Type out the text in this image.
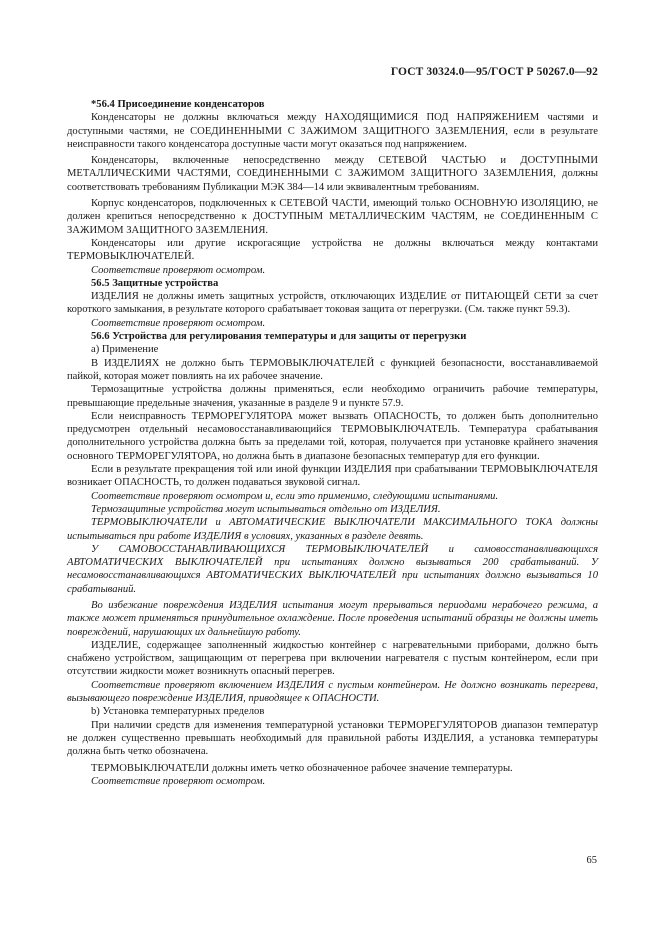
ГОСТ 30324.0—95/ГОСТ Р 50267.0—92

*56.4 Присоединение конденсаторов

Конденсаторы не должны включаться между НАХОДЯЩИМИСЯ ПОД НАПРЯЖЕНИЕМ частями и доступными частями, не СОЕДИНЕННЫМИ С ЗАЖИМОМ ЗАЩИТНОГО ЗАЗЕМЛЕНИЯ, если в результате неисправности такого конденсатора доступные части могут оказаться под напряжением.

Конденсаторы, включенные непосредственно между СЕТЕВОЙ ЧАСТЬЮ и ДОСТУПНЫМИ МЕТАЛЛИЧЕСКИМИ ЧАСТЯМИ, СОЕДИНЕННЫМИ С ЗАЖИМОМ ЗАЩИТНОГО ЗАЗЕМЛЕНИЯ, должны соответствовать требованиям Публикации МЭК 384—14 или эквивалентным требованиям.

Корпус конденсаторов, подключенных к СЕТЕВОЙ ЧАСТИ, имеющий только ОСНОВНУЮ ИЗОЛЯЦИЮ, не должен крепиться непосредственно к ДОСТУПНЫМ МЕТАЛЛИЧЕСКИМ ЧАСТЯМ, не СОЕДИНЕННЫМ С ЗАЖИМОМ ЗАЩИТНОГО ЗАЗЕМЛЕНИЯ.

Конденсаторы или другие искрогасящие устройства не должны включаться между контактами ТЕРМОВЫКЛЮЧАТЕЛЕЙ.

Соответствие проверяют осмотром.

56.5 Защитные устройства

ИЗДЕЛИЯ не должны иметь защитных устройств, отключающих ИЗДЕЛИЕ от ПИТАЮЩЕЙ СЕТИ за счет короткого замыкания, в результате которого срабатывает токовая защита от перегрузки. (См. также пункт 59.3).

Соответствие проверяют осмотром.

56.6 Устройства для регулирования температуры и для защиты от перегрузки

а) Применение

В ИЗДЕЛИЯХ не должно быть ТЕРМОВЫКЛЮЧАТЕЛЕЙ с функцией безопасности, восстанавливаемой пайкой, которая может повлиять на их рабочее значение.

Термозащитные устройства должны применяться, если необходимо ограничить рабочие температуры, превышающие предельные значения, указанные в разделе 9 и пункте 57.9.

Если неисправность ТЕРМОРЕГУЛЯТОРА может вызвать ОПАСНОСТЬ, то должен быть дополнительно предусмотрен отдельный несамовосстанавливающийся ТЕРМОВЫКЛЮЧАТЕЛЬ. Температура срабатывания дополнительного устройства должна быть за пределами той, которая, получается при установке крайнего значения основного ТЕРМОРЕГУЛЯТОРА, но должна быть в диапазоне безопасных температур для его функции.

Если в результате прекращения той или иной функции ИЗДЕЛИЯ при срабатывании ТЕРМОВЫКЛЮЧАТЕЛЯ возникает ОПАСНОСТЬ, то должен подаваться звуковой сигнал.

Соответствие проверяют осмотром и, если это применимо, следующими испытаниями.

Термозащитные устройства могут испытываться отдельно от ИЗДЕЛИЯ.

ТЕРМОВЫКЛЮЧАТЕЛИ и АВТОМАТИЧЕСКИЕ ВЫКЛЮЧАТЕЛИ МАКСИМАЛЬНОГО ТОКА должны испытываться при работе ИЗДЕЛИЯ в условиях, указанных в разделе девять.

У САМОВОССТАНАВЛИВАЮЩИХСЯ ТЕРМОВЫКЛЮЧАТЕЛЕЙ и самовосстанавливающихся АВТОМАТИЧЕСКИХ ВЫКЛЮЧАТЕЛЕЙ при испытаниях должно вызываться 200 срабатываний. У несамовосстанавливающихся АВТОМАТИЧЕСКИХ ВЫКЛЮЧАТЕЛЕЙ при испытаниях должно вызываться 10 срабатываний.

Во избежание повреждения ИЗДЕЛИЯ испытания могут прерываться периодами нерабочего режима, а также может применяться принудительное охлаждение. После проведения испытаний образцы не должны иметь повреждений, нарушающих их дальнейшую работу.

ИЗДЕЛИЕ, содержащее заполненный жидкостью контейнер с нагревательными приборами, должно быть снабжено устройством, защищающим от перегрева при включении нагревателя с пустым контейнером, если при отсутствии жидкости может возникнуть опасный перегрев.

Соответствие проверяют включением ИЗДЕЛИЯ с пустым контейнером. Не должно возникать перегрева, вызывающего повреждение ИЗДЕЛИЯ, приводящее к ОПАСНОСТИ.

b) Установка температурных пределов

При наличии средств для изменения температурной установки ТЕРМОРЕГУЛЯТОРОВ диапазон температур не должен существенно превышать необходимый для правильной работы ИЗДЕЛИЯ, а установка температуры должна быть четко обозначена.

ТЕРМОВЫКЛЮЧАТЕЛИ должны иметь четко обозначенное рабочее значение температуры.

Соответствие проверяют осмотром.

65
